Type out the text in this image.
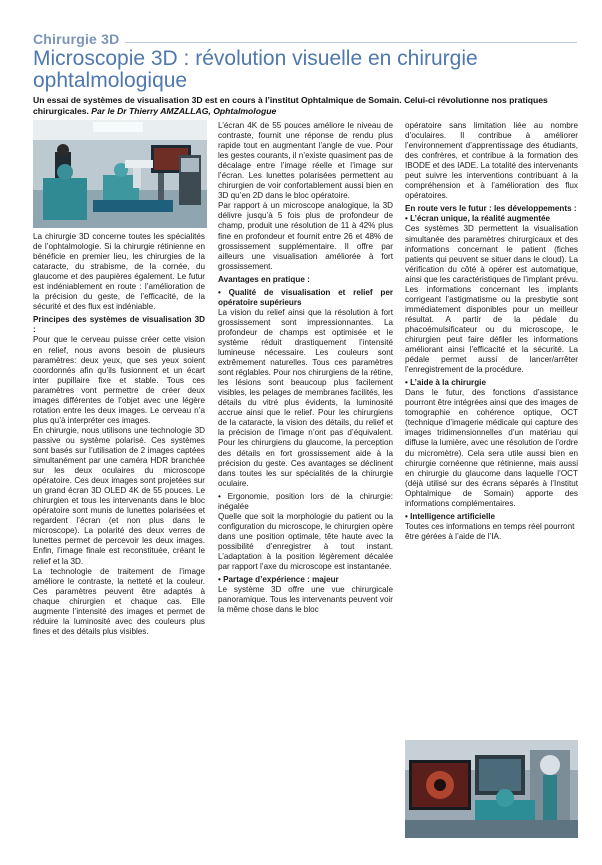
Chirurgie 3D
Microscopie 3D : révolution visuelle en chirurgie ophtalmologique
Un essai de systèmes de visualisation 3D est en cours à l’institut Ophtalmique de Somain. Celui-ci révolutionne nos pratiques chirurgicales. Par le Dr Thierry AMZALLAG, Ophtalmologue

La chirurgie 3D concerne toutes les spécialités de l’ophtalmologie. Si la chirurgie rétinienne en bénéficie en premier lieu, les chirurgies de la cataracte, du strabisme, de la cornée, du glaucome et des paupières également. Le futur est indéniablement en route : l’amélioration de la précision du geste, de l’efficacité, de la sécurité et des flux est indéniable.

Principes des systèmes de visualisation 3D :

Pour que le cerveau puisse créer cette vision en relief, nous avons besoin de plusieurs paramètres: deux yeux, que ses yeux soient coordonnés afin qu’ils fusionnent et un écart inter pupillaire fixe et stable. Tous ces paramètres vont permettre de créer deux images différentes de l’objet avec une légère rotation entre les deux images. Le cerveau n’a plus qu’à interpréter ces images.

En chirurgie, nous utilisons une technologie 3D passive ou système polarisé. Ces systèmes sont basés sur l’utilisation de 2 images captées simultanément par une caméra HDR branchée sur les deux oculaires du microscope opératoire. Ces deux images sont projetées sur un grand écran 3D OLED 4K de 55 pouces. Le chirurgien et tous les intervenants dans le bloc opératoire sont munis de lunettes polarisées et regardent l’écran (et non plus dans le microscope). La polarité des deux verres de lunettes permet de percevoir les deux images. Enfin, l’image finale est reconstituée, créant le relief et la 3D.

La technologie de traitement de l’image améliore le contraste, la netteté et la couleur. Ces paramètres peuvent être adaptés à chaque chirurgien et chaque cas. Elle augmente l’intensité des images et permet de réduire la luminosité avec des couleurs plus fines et des détails plus visibles.

L’écran 4K de 55 pouces améliore le niveau de contraste, fournit une réponse de rendu plus rapide tout en augmentant l’angle de vue. Pour les gestes courants, il n’existe quasiment pas de décalage entre l’image réelle et l’image sur l’écran. Les lunettes polarisées permettent au chirurgien de voir confortablement aussi bien en 3D qu’en 2D dans le bloc opératoire.

Par rapport à un microscope analogique, la 3D délivre jusqu’à 5 fois plus de profondeur de champ, produit une résolution de 11 à 42% plus fine en profondeur et fournit entre 26 et 48% de grossissement supplémentaire. Il offre par ailleurs une visualisation améliorée à fort grossissement.

Avantages en pratique :

• Qualité de visualisation et relief per opératoire supérieurs

La vision du relief ainsi que la résolution à fort grossissement sont impressionnantes. La profondeur de champs est optimisée et le système réduit drastiquement l’intensité lumineuse nécessaire. Les couleurs sont extrêmement naturelles. Tous ces paramètres sont réglables. Pour nos chirurgiens de la rétine, les lésions sont beaucoup plus facilement visibles, les pelages de membranes facilités, les détails du vitré plus évidents, la luminosité accrue ainsi que le relief. Pour les chirurgiens de la cataracte, la vision des détails, du relief et la précision de l’image n’ont pas d’équivalent. Pour les chirurgiens du glaucome, la perception des détails en fort grossissement aide à la précision du geste. Ces avantages se déclinent dans toutes les sur spécialités de la chirurgie oculaire.

• Ergonomie, position lors de la chirurgie: inégalée

Quelle que soit la morphologie du patient ou la configuration du microscope, le chirurgien opère dans une position optimale, tête haute avec la possibilité d’enregistrer à tout instant. L’adaptation à la position légèrement décalée par rapport l’axe du microscope est instantanée.

• Partage d’expérience : majeur

Le système 3D offre une vue chirurgicale panoramique. Tous les intervenants peuvent voir la même chose dans le bloc

opératoire sans limitation liée au nombre d’oculaires. Il contribue à améliorer l’environnement d’apprentissage des étudiants, des confrères, et contribue à la formation des IBODE et des IADE. La totalité des intervenants peut suivre les interventions contribuant à la compréhension et à l’amélioration des flux opératoires.

En route vers le futur : les développements :

• L’écran unique, la réalité augmentée

Ces systèmes 3D permettent la visualisation simultanée des paramètres chirurgicaux et des informations concernant le patient (fiches patients qui peuvent se situer dans le cloud). La vérification du côté à opérer est automatique, ainsi que les caractéristiques de l’implant prévu. Les informations concernant les implants corrigeant l’astigmatisme ou la presbytie sont immédiatement disponibles pour un meilleur résultat. A partir de la pédale du phacoémulsificateur ou du microscope, le chirurgien peut faire défiler les informations améliorant ainsi l’efficacité et la sécurité. La pédale permet aussi de lancer/arrêter l’enregistrement de la procédure.

• L’aide à la chirurgie

Dans le futur, des fonctions d’assistance pourront être intégrées ainsi que des images de tomographie en cohérence optique, OCT (technique d’imagerie médicale qui capture des images tridimensionnelles d’un matériau qui diffuse la lumière, avec une résolution de l’ordre du micromètre). Cela sera utile aussi bien en chirurgie cornéenne que rétinienne, mais aussi en chirurgie du glaucome dans laquelle l’OCT (déjà utilisé sur des écrans séparés à l’Institut Ophtalmique de Somain) apporte des informations complémentaires.

• Intelligence artificielle

Toutes ces informations en temps réel pourront être gérées à l’aide de l’IA.
